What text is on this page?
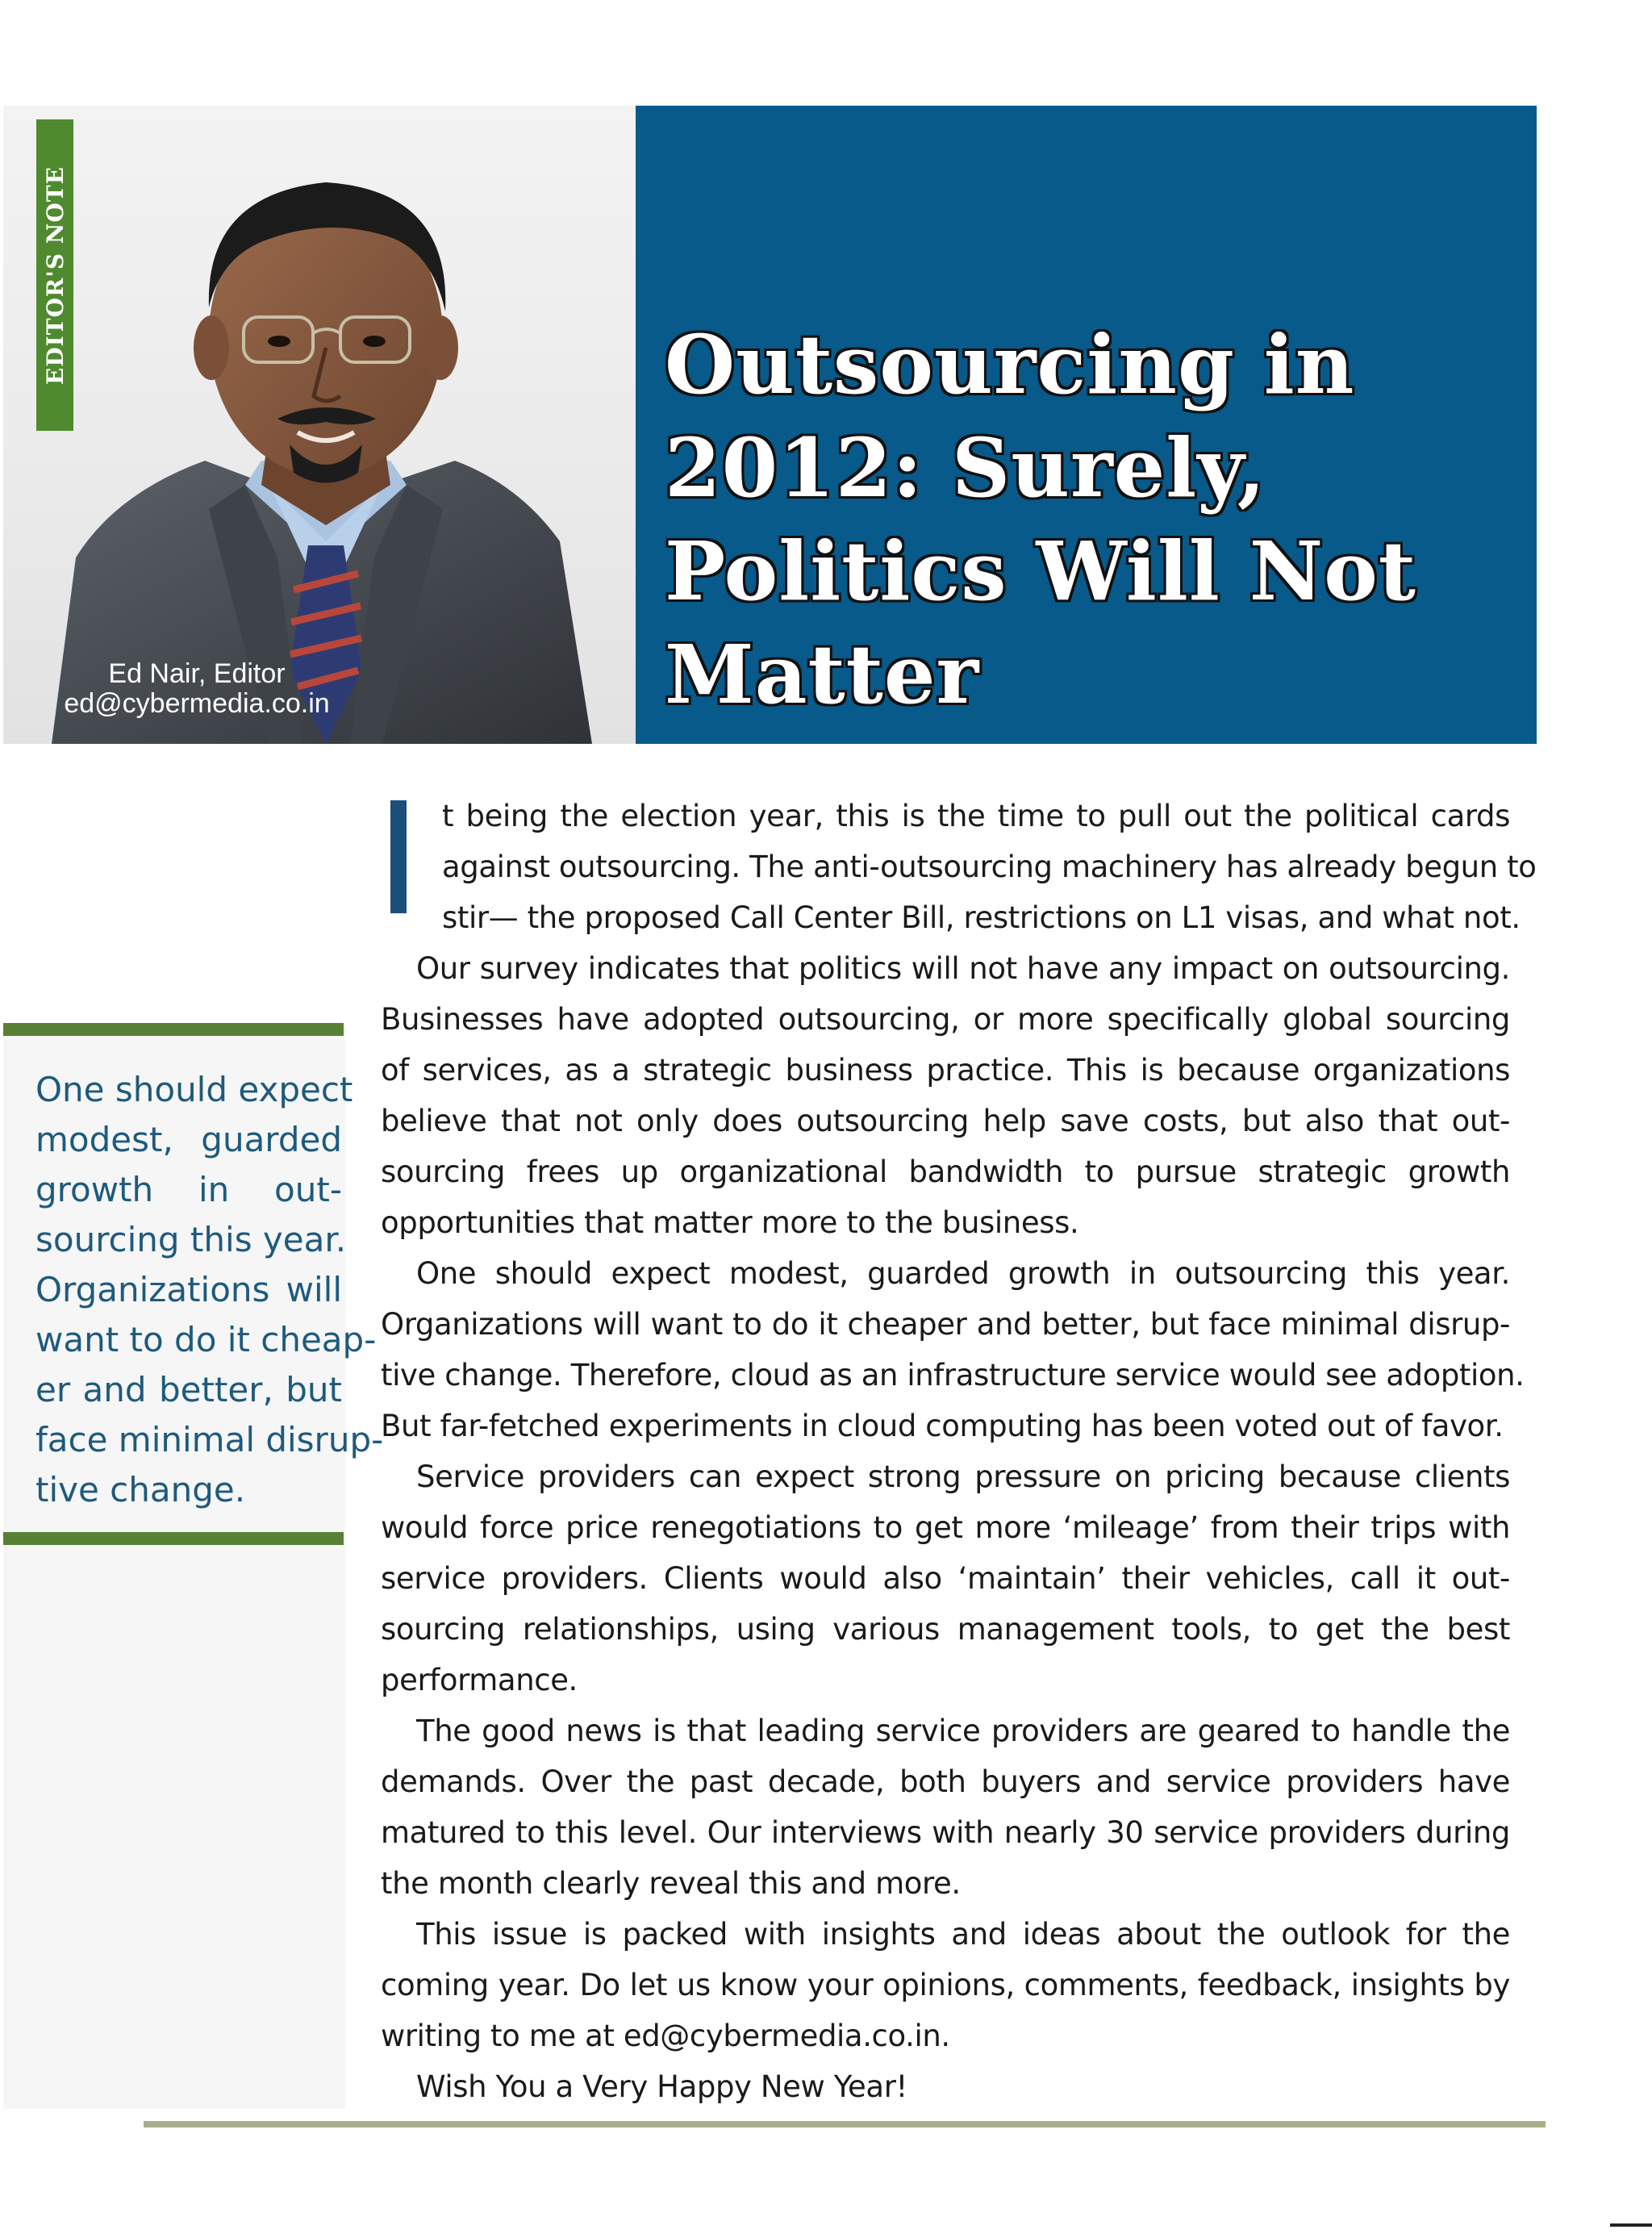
Ed Nair, Editor
ed@cybermedia.co.in
EDITOR'S NOTE	Outsourcing in
2012: Surely,
Politics Will Not
Matter
One should expect
modest, guarded
growth in out-
sourcing this year.
Organizations will
want to do it cheap-
er and better, but
face minimal disrup-
tive change.
t being the election year, this is the time to pull out the political cards
against outsourcing. The anti-outsourcing machinery has already begun to
stir— the proposed Call Center Bill, restrictions on L1 visas, and what not.
Our survey indicates that politics will not have any impact on outsourcing.
Businesses have adopted outsourcing, or more specifically global sourcing
of services, as a strategic business practice. This is because organizations
believe that not only does outsourcing help save costs, but also that out-
sourcing frees up organizational bandwidth to pursue strategic growth
opportunities that matter more to the business.
One should expect modest, guarded growth in outsourcing this year.
Organizations will want to do it cheaper and better, but face minimal disrup-
tive change. Therefore, cloud as an infrastructure service would see adoption.
But far-fetched experiments in cloud computing has been voted out of favor.
Service providers can expect strong pressure on pricing because clients
would force price renegotiations to get more ‘mileage’ from their trips with
service providers. Clients would also ‘maintain’ their vehicles, call it out-
sourcing relationships, using various management tools, to get the best
performance.
The good news is that leading service providers are geared to handle the
demands. Over the past decade, both buyers and service providers have
matured to this level. Our interviews with nearly 30 service providers during
the month clearly reveal this and more.
This issue is packed with insights and ideas about the outlook for the
coming year. Do let us know your opinions, comments, feedback, insights by
writing to me at ed@cybermedia.co.in.
Wish You a Very Happy New Year!
